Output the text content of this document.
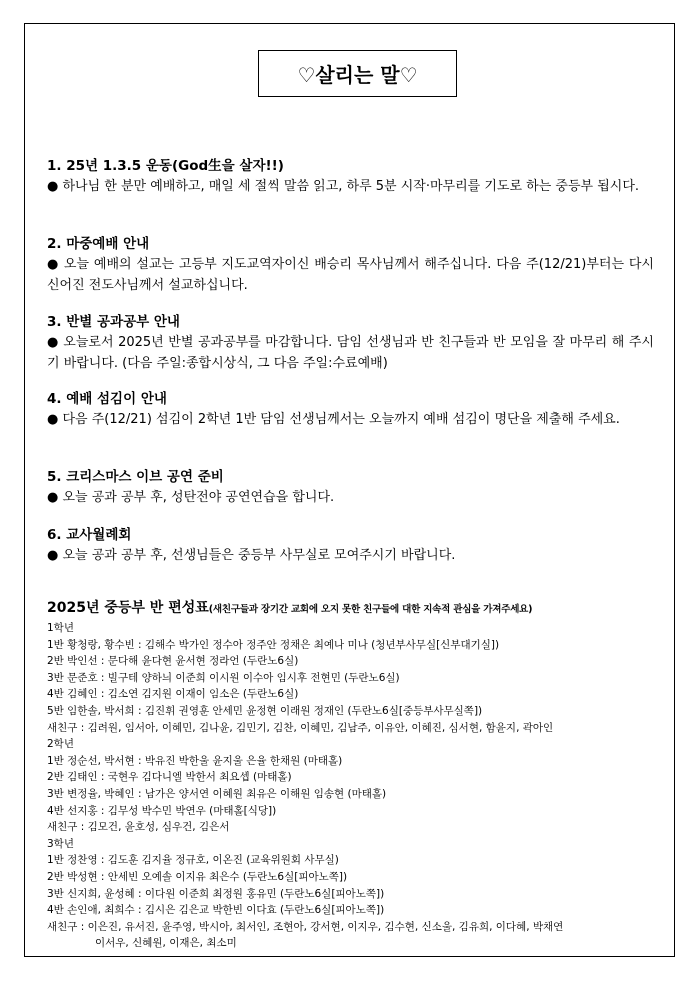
♡살리는 말♡

1. 25년 1.3.5 운동(God生을 살자!!)

● 하나님 한 분만 예배하고, 매일 세 절씩 말씀 읽고, 하루 5분 시작·마무리를 기도로 하는 중등부 됩시다.

2. 마중예배 안내

● 오늘 예배의 설교는 고등부 지도교역자이신 배승리 목사님께서 해주십니다. 다음 주(12/21)부터는 다시 신어진 전도사님께서 설교하십니다.

3. 반별 공과공부 안내

● 오늘로서 2025년 반별 공과공부를 마감합니다. 담임 선생님과 반 친구들과 반 모임을 잘 마무리 해 주시기 바랍니다. (다음 주일:종합시상식, 그 다음 주일:수료예배)

4. 예배 섬김이 안내

● 다음 주(12/21) 섬김이 2학년 1반 담임 선생님께서는 오늘까지 예배 섬김이 명단을 제출해 주세요.

5. 크리스마스 이브 공연 준비

● 오늘 공과 공부 후, 성탄전야 공연연습을 합니다.

6. 교사월례회

● 오늘 공과 공부 후, 선생님들은 중등부 사무실로 모여주시기 바랍니다.

2025년 중등부 반 편성표(새친구들과 장기간 교회에 오지 못한 친구들에 대한 지속적 관심을 가져주세요)

1학년

1반 황청랑, 황수빈 : 김해수 박가인 정수아 정주안 정채은 최예나 미나 (청년부사무실[신부대기실])

2반 박인선 : 문다해 윤다현 윤서현 정라언 (두란노6실)

3반 문준호 : 빌구테 양하늬 이준희 이시원 이수아 임시후 전현민 (두란노6실)

4반 김혜인 : 김소연 김지원 이재이 임소은 (두란노6실)

5반 임한솔, 박서희 : 김진휘 권영훈 안세민 윤정현 이래원 정재인 (두란노6실[중등부사무실쪽])

새친구 : 김려원, 임서아, 이혜민, 김나윤, 김민기, 김찬, 이혜민, 김남주, 이유안, 이혜진, 심서현, 함윤지, 곽아인

2학년

1반 정순선, 박서현 : 박유진 박한울 윤지울 은율 한채원 (마태홀)

2반 김태인 : 국현우 김다니엘 박한서 최요셉 (마태홀)

3반 변정율, 박혜인 : 남가은 양서연 이혜원 최유은 이해원 임송현 (마태홀)

4반 선지홍 : 김무성 박수민 박연우 (마태홀[식당])

새친구 : 김모건, 윤호성, 심우건, 김은서

3학년

1반 정찬영 : 김도훈 김지율 정규호, 이온진 (교육위원회 사무실)

2반 박성현 : 안세빈 오예솔 이지유 최은수 (두란노6실[피아노쪽])

3반 신지희, 윤성혜 : 이다원 이준희 최정원 홍유민 (두란노6실[피아노쪽])

4반 손인애, 최희수 : 김시은 김은교 박한빈 이다효 (두란노6실[피아노쪽])

새친구 : 이은진, 유서진, 윤주영, 박시아, 최서인, 조현아, 강서현, 이지우, 김수현, 신소울, 김유희, 이다혜, 박채연

이서우, 신혜원, 이재은, 최소미
